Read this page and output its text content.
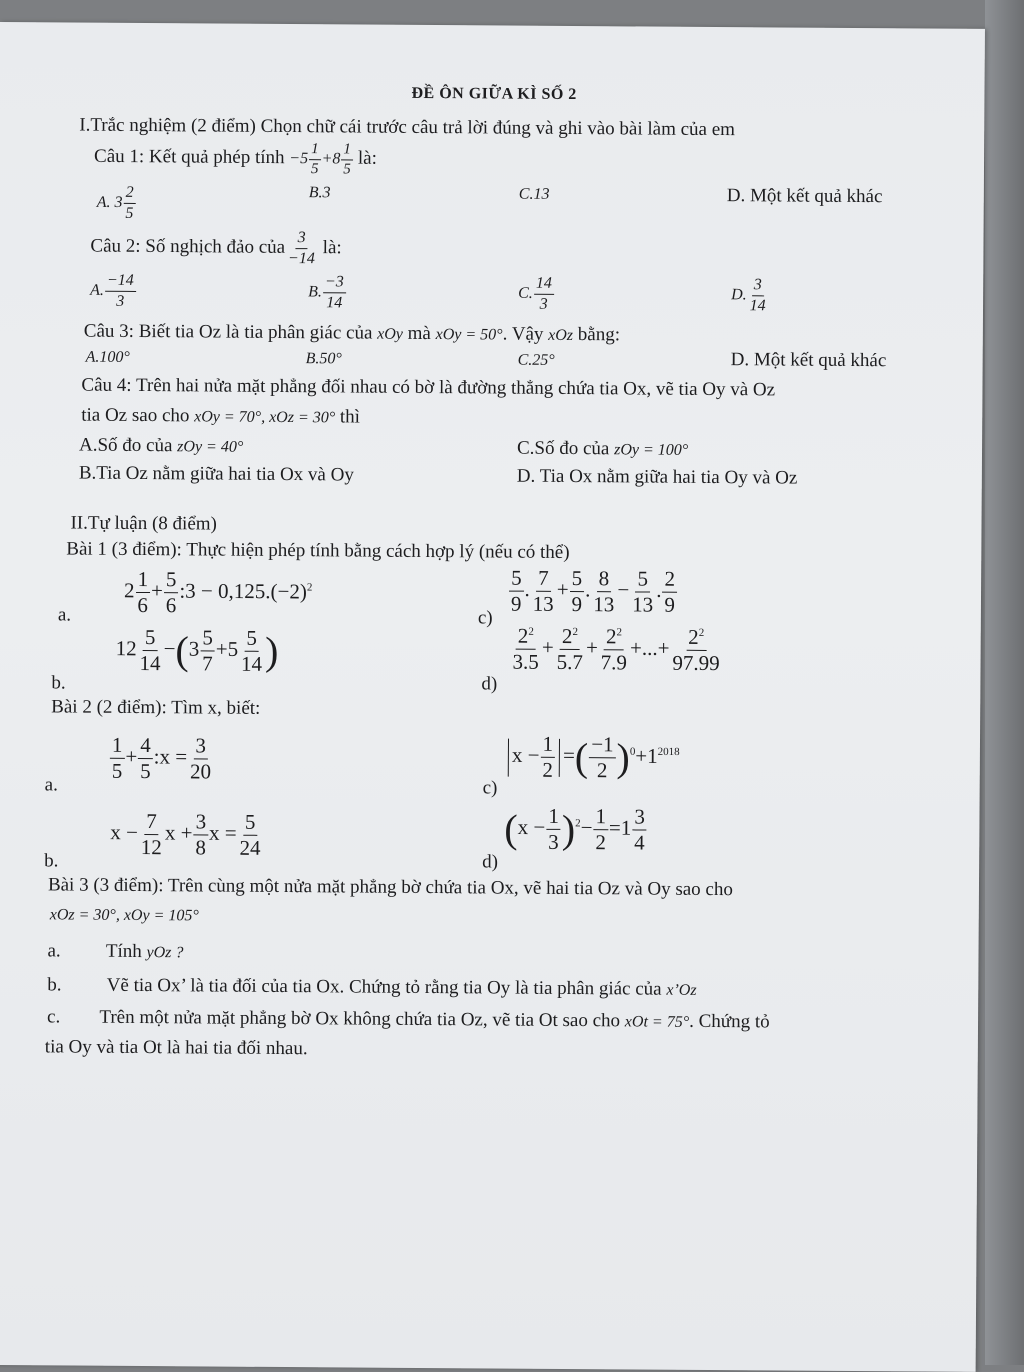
ĐỀ ÔN GIỮA KÌ SỐ 2
I.Trắc nghiệm (2 điểm) Chọn chữ cái trước câu trả lời đúng và ghi vào bài làm của em
Câu 1: Kết quả phép tính $-5 \frac{1}{5} +8 \frac{1}{5}$ là:
A. $3 \frac{2}{5}$	B.3	C.13	D. Một kết quả khác
Câu 2: Số nghịch đảo của $\frac{3}{-14}$ là:
A. $\frac{-14}{3}$	B. $\frac{-3}{14}$	C. $\frac{14}{3}$	D. $\frac{3}{14}$
Câu 3: Biết tia Oz là tia phân giác của xOy mà xOy = 50°. Vậy xOz bằng:
A.100°	B.50°	C.25°	D. Một kết quả khác
Câu 4: Trên hai nửa mặt phẳng đối nhau có bờ là đường thẳng chứa tia Ox, vẽ tia Oy và Oz
tia Oz sao cho xOy = 70°, xOz = 30° thì
A.Số đo của zOy = 40°	C.Số đo của zOy = 100°
B.Tia Oz nằm giữa hai tia Ox và Oy	D. Tia Ox nằm giữa hai tia Oy và Oz
II.Tự luận (8 điểm)
Bài 1 (3 điểm): Thực hiện phép tính bằng cách hợp lý (nếu có thể)
a.
$2 \frac{1}{6} + \frac{5}{6}$ :3 − $0,125.(-2)^2$
c)
$\frac{5}{9}$ . $\frac{7}{13} + \frac{5}{9}$ . $\frac{8}{13} - \frac{5}{13}$ . $\frac{2}{9}$
b.
$12 \frac{5}{14} -(3 \frac{5}{7} +5 \frac{5}{14}$ )
d)
$\frac{2^2}{3.5} + \frac{2^2}{5.7} + \frac{2^2}{7.9}$ +...+ $\frac{2^2}{97.99}$
Bài 2 (2 điểm): Tìm x, biết:
a.
$\frac{1}{5} + \frac{4}{5}$ :x = $\frac{3}{20}$
c)
$x - \frac{1}{2}$ =( $\frac{-1}{2} )^0+1^{2018}$
b.
$x - \frac{7}{12}$ $x + \frac{3}{8}$ $x = \frac{5}{24}$
d)
$(x - \frac{1}{3} )^2- \frac{1}{2} =1 \frac{3}{4}$
Bài 3 (3 điểm): Trên cùng một nửa mặt phẳng bờ chứa tia Ox, vẽ hai tia Oz và Oy sao cho
xOz = 30°, xOy = 105°
a. Tính yOz ?
b. Vẽ tia Ox’ là tia đối của tia Ox. Chứng tỏ rằng tia Oy là tia phân giác của x’Oz
c. Trên một nửa mặt phẳng bờ Ox không chứa tia Oz, vẽ tia Ot sao cho xOt = 75°. Chứng tỏ
tia Oy và tia Ot là hai tia đối nhau.
